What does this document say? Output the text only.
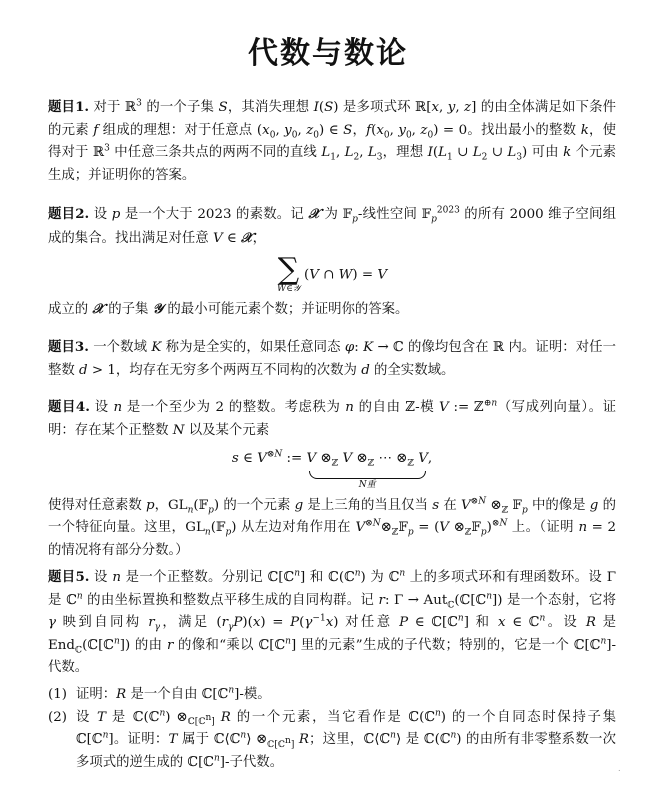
代数与数论
题目1. 对于 ℝ$^3$ 的一个子集 S，其消失理想 I(S) 是多项式环 ℝ[x, y, z] 的由全体满足如下条件的元素 f 组成的理想：对于任意点 ($x_0$, $y_0$, $z_0$) ∈ S，$f(x_0$, $y_0$, $z_0) = 0$。找出最小的整数 k，使得对于 ℝ$^3$ 中任意三条共点的两两不同的直线 $L_1$, $L_2$, $L_3$，理想 $I(L_1$ ∪ $L_2$ ∪ $L_3$) 可由 k 个元素生成；并证明你的答案。
题目2. 设 p 是一个大于 2023 的素数。记 𝒳 为 𝔽$_p$-线性空间 𝔽$_p^{2023}$ 的所有 2000 维子空间组成的集合。找出满足对任意 V ∈ 𝒳，
∑
W∈𝒴
(V ∩ W) = V
成立的 𝒳 的子集 𝒴 的最小可能元素个数；并证明你的答案。
题目3. 一个数域 K 称为是全实的，如果任意同态 φ: K → ℂ 的像均包含在 ℝ 内。证明：对任一整数 d > 1，均存在无穷多个两两互不同构的次数为 d 的全实数域。
题目4. 设 n 是一个至少为 2 的整数。考虑秩为 n 的自由 ℤ-模 V := ℤ$^{\oplus n}$（写成列向量）。证明：存在某个正整数 N 以及某个元素
s ∈ $V^{\otimes N}$ := V $\otimes_ℤ$ V $\otimes_ℤ$ ⋯ $\otimes_ℤ$ V
N重
,
使得对任意素数 p，$GL_n(𝔽_p)$ 的一个元素 g 是上三角的当且仅当 s 在 $V^{\otimes N}$ $\otimes_ℤ$ 𝔽$_p$ 中的像是 g 的一个特征向量。这里，$GL_n(𝔽_p)$ 从左边对角作用在 $V^{\otimes N}\otimes_ℤ𝔽_p = (V$ $\otimes_ℤ𝔽_p)^{\otimes N}$ 上。（证明 n = 2 的情况将有部分分数。）
题目5. 设 n 是一个正整数。分别记 ℂ[ℂ$^n$] 和 ℂ(ℂ$^n$) 为 ℂ$^n$ 上的多项式环和有理函数环。设 Γ 是 ℂ$^n$ 的由坐标置换和整数点平移生成的自同构群。记 r: Γ → Aut$_ℂ$(ℂ[ℂ$^n$]) 是一个态射，它将 γ 映到自同构 $r_\gamma$，满足 $(r_\gamma P)(x) = P(\gamma^{-1}x)$ 对任意 P ∈ ℂ[ℂ$^n$] 和 x ∈ ℂ$^n$。设 R 是 End$_ℂ$(ℂ[ℂ$^n$]) 的由 r 的像和“乘以 ℂ[ℂ$^n$] 里的元素”生成的子代数；特别的，它是一个 ℂ[ℂ$^n$]-代数。
(1) 证明：R 是一个自由 ℂ[ℂ$^n$]-模。
(2) 设 T 是 ℂ(ℂ$^n$) $\otimes_{ℂ[ℂ^n]}$ R 的一个元素，当它看作是 ℂ(ℂ$^n$) 的一个自同态时保持子集 ℂ[ℂ$^n$]。证明：T 属于 ℂ⟨ℂ$^n$⟩ $\otimes_{ℂ[ℂ^n]}$ R；这里，ℂ⟨ℂ$^n$⟩ 是 ℂ(ℂ$^n$) 的由所有非零整系数一次多项式的逆生成的 ℂ[ℂ$^n$]-子代数。	.
